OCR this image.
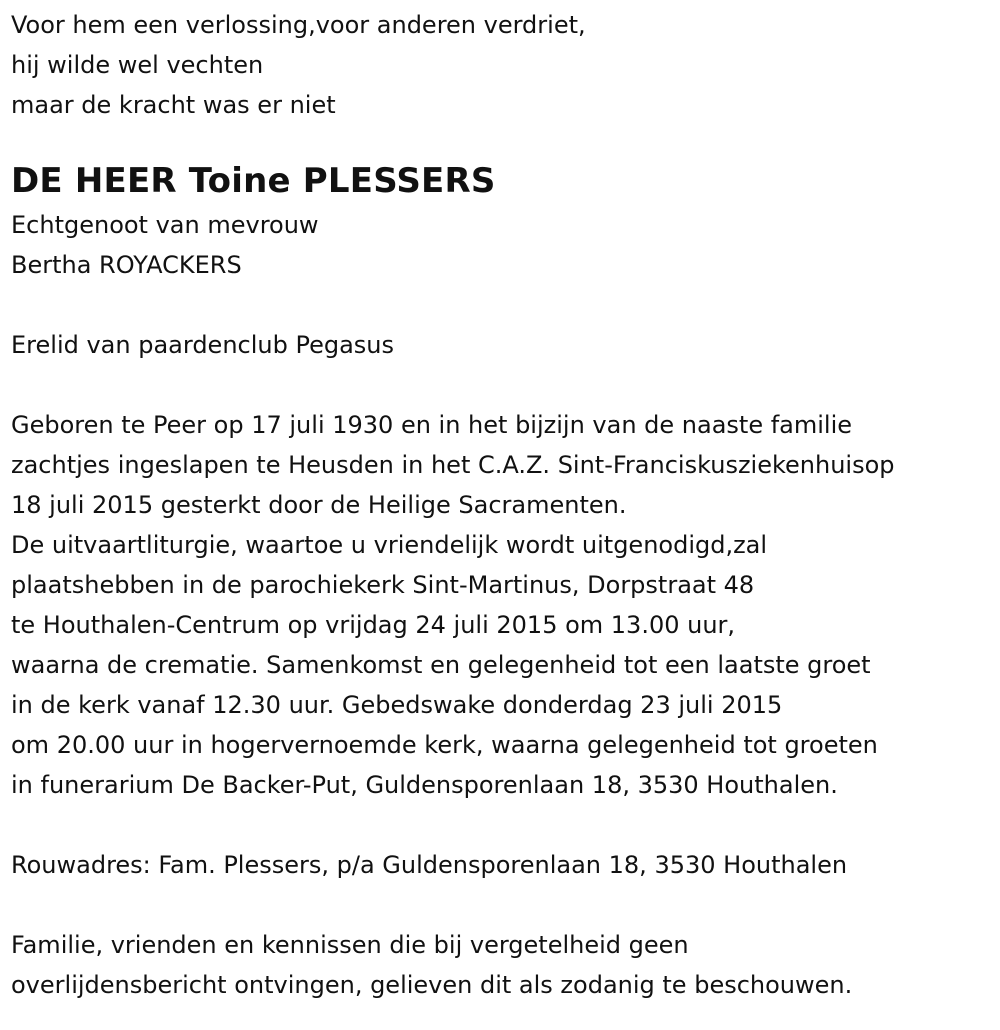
Voor hem een verlossing,voor anderen verdriet,
hij wilde wel vechten
maar de kracht was er niet
DE HEER Toine PLESSERS
Echtgenoot van mevrouw
Bertha ROYACKERS
Erelid van paardenclub Pegasus
Geboren te Peer op 17 juli 1930 en in het bijzijn van de naaste familie
zachtjes ingeslapen te Heusden in het C.A.Z. Sint-Franciskusziekenhuisop
18 juli 2015 gesterkt door de Heilige Sacramenten.
De uitvaartliturgie, waartoe u vriendelijk wordt uitgenodigd,zal
plaatshebben in de parochiekerk Sint-Martinus, Dorpstraat 48
te Houthalen-Centrum op vrijdag 24 juli 2015 om 13.00 uur,
waarna de crematie. Samenkomst en gelegenheid tot een laatste groet
in de kerk vanaf 12.30 uur. Gebedswake donderdag 23 juli 2015
om 20.00 uur in hogervernoemde kerk, waarna gelegenheid tot groeten
in funerarium De Backer-Put, Guldensporenlaan 18, 3530 Houthalen.
Rouwadres: Fam. Plessers, p/a Guldensporenlaan 18, 3530 Houthalen
Familie, vrienden en kennissen die bij vergetelheid geen
overlijdensbericht ontvingen, gelieven dit als zodanig te beschouwen.
